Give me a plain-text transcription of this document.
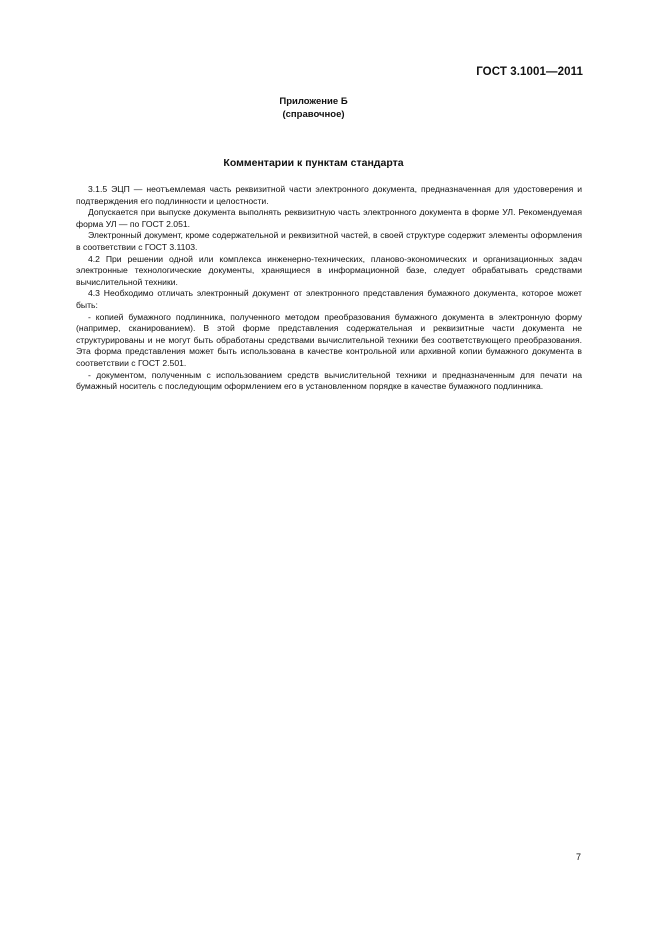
ГОСТ 3.1001—2011
Приложение Б
(справочное)
Комментарии к пунктам стандарта

3.1.5 ЭЦП — неотъемлемая часть реквизитной части электронного документа, предназначенная для удостоверения и подтверждения его подлинности и целостности.

Допускается при выпуске документа выполнять реквизитную часть электронного документа в форме УЛ. Рекомендуемая форма УЛ — по ГОСТ 2.051.

Электронный документ, кроме содержательной и реквизитной частей, в своей структуре содержит элементы оформления в соответствии с ГОСТ 3.1103.

4.2 При решении одной или комплекса инженерно-технических, планово-экономических и организационных задач электронные технологические документы, хранящиеся в информационной базе, следует обрабатывать средствами вычислительной техники.

4.3 Необходимо отличать электронный документ от электронного представления бумажного документа, которое может быть:

- копией бумажного подлинника, полученного методом преобразования бумажного документа в электронную форму (например, сканированием). В этой форме представления содержательная и реквизитные части документа не структурированы и не могут быть обработаны средствами вычислительной техники без соответствующего преобразования. Эта форма представления может быть использована в качестве контрольной или архивной копии бумажного документа в соответствии с ГОСТ 2.501.

- документом, полученным с использованием средств вычислительной техники и предназначенным для печати на бумажный носитель с последующим оформлением его в установленном порядке в качестве бумажного подлинника.

7
